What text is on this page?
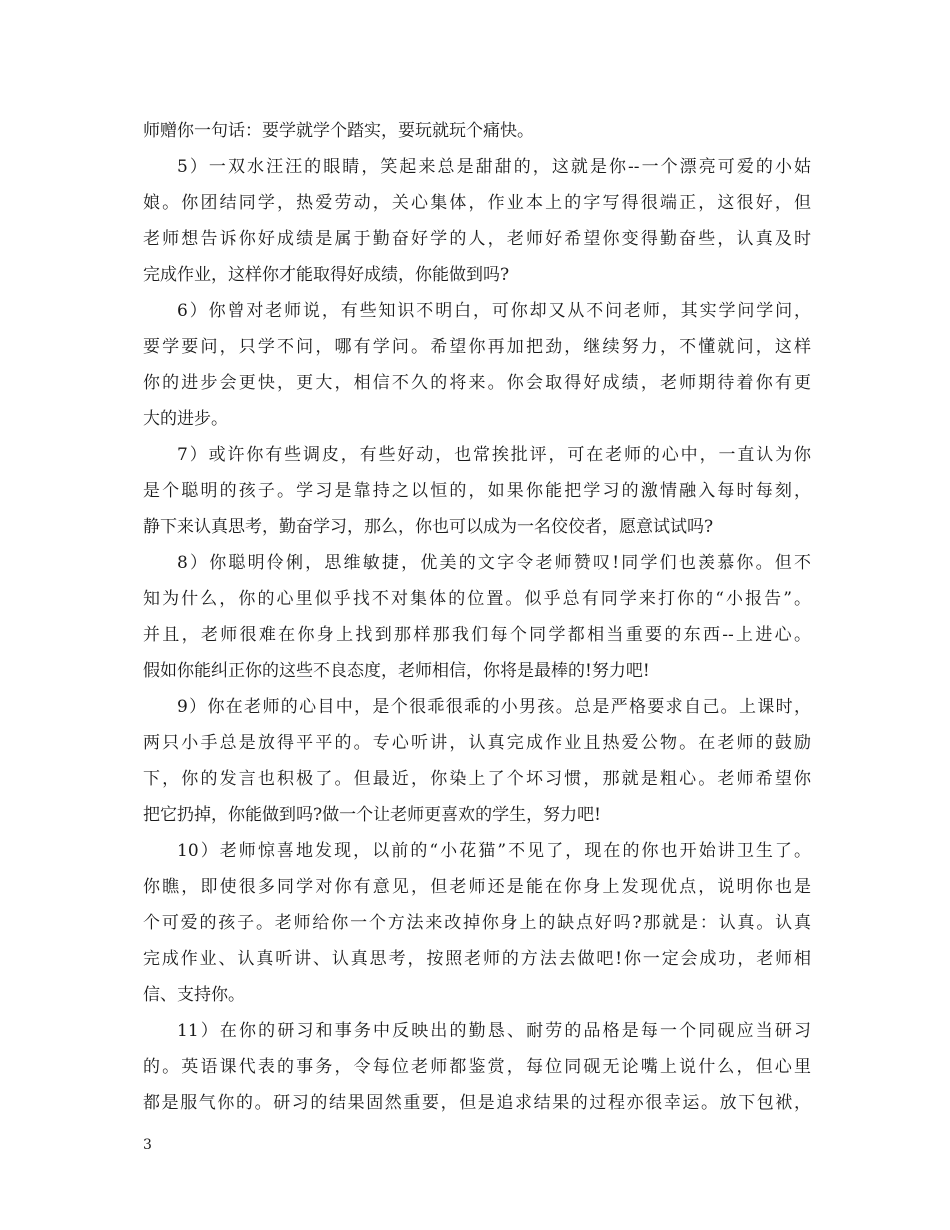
师赠你一句话：要学就学个踏实，要玩就玩个痛快。
5）一双水汪汪的眼睛，笑起来总是甜甜的，这就是你--一个漂亮可爱的小姑
娘。你团结同学，热爱劳动，关心集体，作业本上的字写得很端正，这很好，但
老师想告诉你好成绩是属于勤奋好学的人，老师好希望你变得勤奋些，认真及时
完成作业，这样你才能取得好成绩，你能做到吗?
6）你曾对老师说，有些知识不明白，可你却又从不问老师，其实学问学问，
要学要问，只学不问，哪有学问。希望你再加把劲，继续努力，不懂就问，这样
你的进步会更快，更大，相信不久的将来。你会取得好成绩，老师期待着你有更
大的进步。
7）或许你有些调皮，有些好动，也常挨批评，可在老师的心中，一直认为你
是个聪明的孩子。学习是靠持之以恒的，如果你能把学习的激情融入每时每刻，
静下来认真思考，勤奋学习，那么，你也可以成为一名佼佼者，愿意试试吗?
8）你聪明伶俐，思维敏捷，优美的文字令老师赞叹!同学们也羡慕你。但不
知为什么，你的心里似乎找不对集体的位置。似乎总有同学来打你的“小报告”。
并且，老师很难在你身上找到那样那我们每个同学都相当重要的东西--上进心。
假如你能纠正你的这些不良态度，老师相信，你将是最棒的!努力吧!
9）你在老师的心目中，是个很乖很乖的小男孩。总是严格要求自己。上课时，
两只小手总是放得平平的。专心听讲，认真完成作业且热爱公物。在老师的鼓励
下，你的发言也积极了。但最近，你染上了个坏习惯，那就是粗心。老师希望你
把它扔掉，你能做到吗?做一个让老师更喜欢的学生，努力吧!
10）老师惊喜地发现，以前的“小花猫”不见了，现在的你也开始讲卫生了。
你瞧，即使很多同学对你有意见，但老师还是能在你身上发现优点，说明你也是
个可爱的孩子。老师给你一个方法来改掉你身上的缺点好吗?那就是：认真。认真
完成作业、认真听讲、认真思考，按照老师的方法去做吧!你一定会成功，老师相
信、支持你。
11）在你的研习和事务中反映出的勤恳、耐劳的品格是每一个同砚应当研习
的。英语课代表的事务，令每位老师都鉴赏，每位同砚无论嘴上说什么，但心里
都是服气你的。研习的结果固然重要，但是追求结果的过程亦很幸运。放下包袱，
3
